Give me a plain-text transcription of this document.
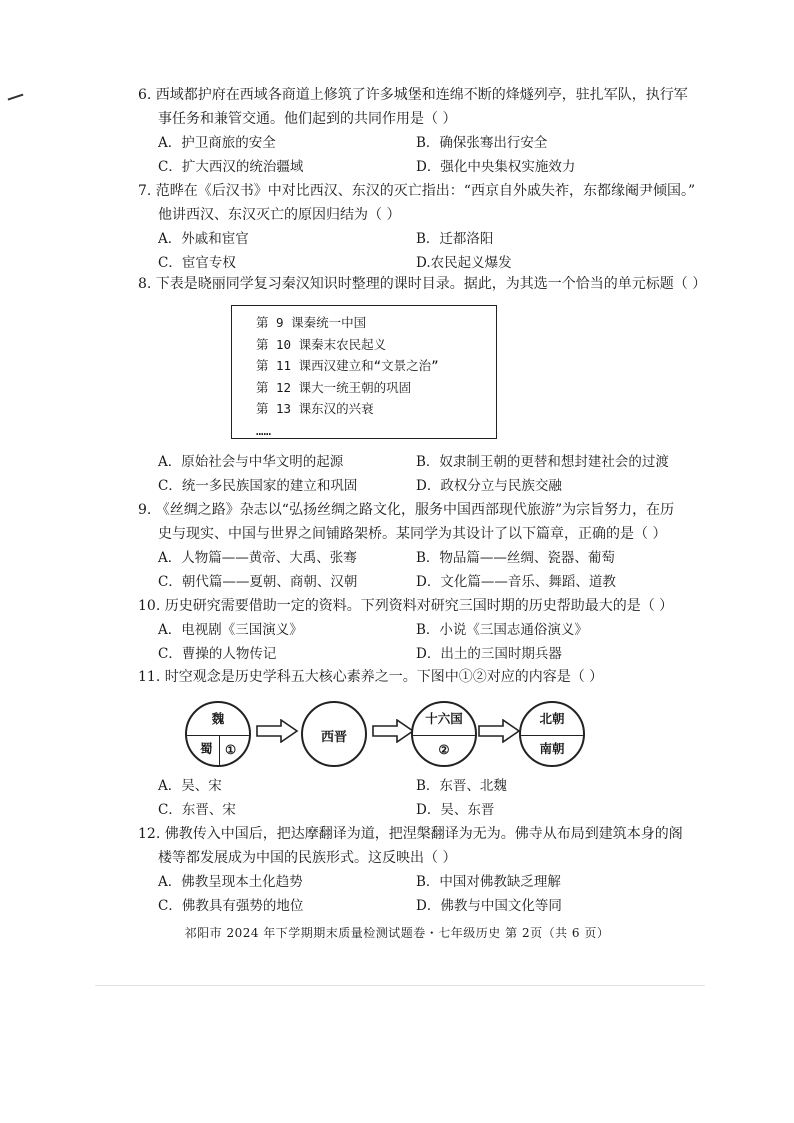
6. 西域都护府在西域各商道上修筑了许多城堡和连绵不断的烽燧列亭，驻扎军队，执行军
事任务和兼管交通。他们起到的共同作用是（ ）
A．护卫商旅的安全	B．确保张骞出行安全
C．扩大西汉的统治疆域	D．强化中央集权实施效力
7. 范晔在《后汉书》中对比西汉、东汉的灭亡指出：“西京自外戚失祚，东都缘阉尹倾国。”
他讲西汉、东汉灭亡的原因归结为（ ）
A．外戚和宦官	B．迁都洛阳
C．宦官专权	D.农民起义爆发
8. 下表是晓丽同学复习秦汉知识时整理的课时目录。据此，为其选一个恰当的单元标题（ ）
第 9 课秦统一中国
第 10 课秦末农民起义
第 11 课西汉建立和“文景之治”
第 12 课大一统王朝的巩固
第 13 课东汉的兴衰
……
A．原始社会与中华文明的起源	B．奴隶制王朝的更替和想封建社会的过渡
C．统一多民族国家的建立和巩固	D．政权分立与民族交融
9. 《丝绸之路》杂志以“弘扬丝绸之路文化，服务中国西部现代旅游”为宗旨努力，在历
史与现实、中国与世界之间铺路架桥。某同学为其设计了以下篇章，正确的是（ ）
A．人物篇——黄帝、大禹、张骞	B．物品篇——丝绸、瓷器、葡萄
C．朝代篇——夏朝、商朝、汉朝	D．文化篇——音乐、舞蹈、道教
10. 历史研究需要借助一定的资料。下列资料对研究三国时期的历史帮助最大的是（ ）
A．电视剧《三国演义》	B．小说《三国志通俗演义》
C．曹操的人物传记	D．出土的三国时期兵器
11. 时空观念是历史学科五大核心素养之一。下图中①②对应的内容是（ ）
魏
蜀 ①
西晋
十六国
②
北朝
南朝
A．吴、宋	B．东晋、北魏
C．东晋、宋	D．吴、东晋
12. 佛教传入中国后，把达摩翻译为道，把涅槃翻译为无为。佛寺从布局到建筑本身的阁
楼等都发展成为中国的民族形式。这反映出（ ）
A．佛教呈现本土化趋势	B．中国对佛教缺乏理解
C．佛教具有强势的地位	D．佛教与中国文化等同
祁阳市 2024 年下学期期末质量检测试题卷・七年级历史 第 2页（共 6 页）
